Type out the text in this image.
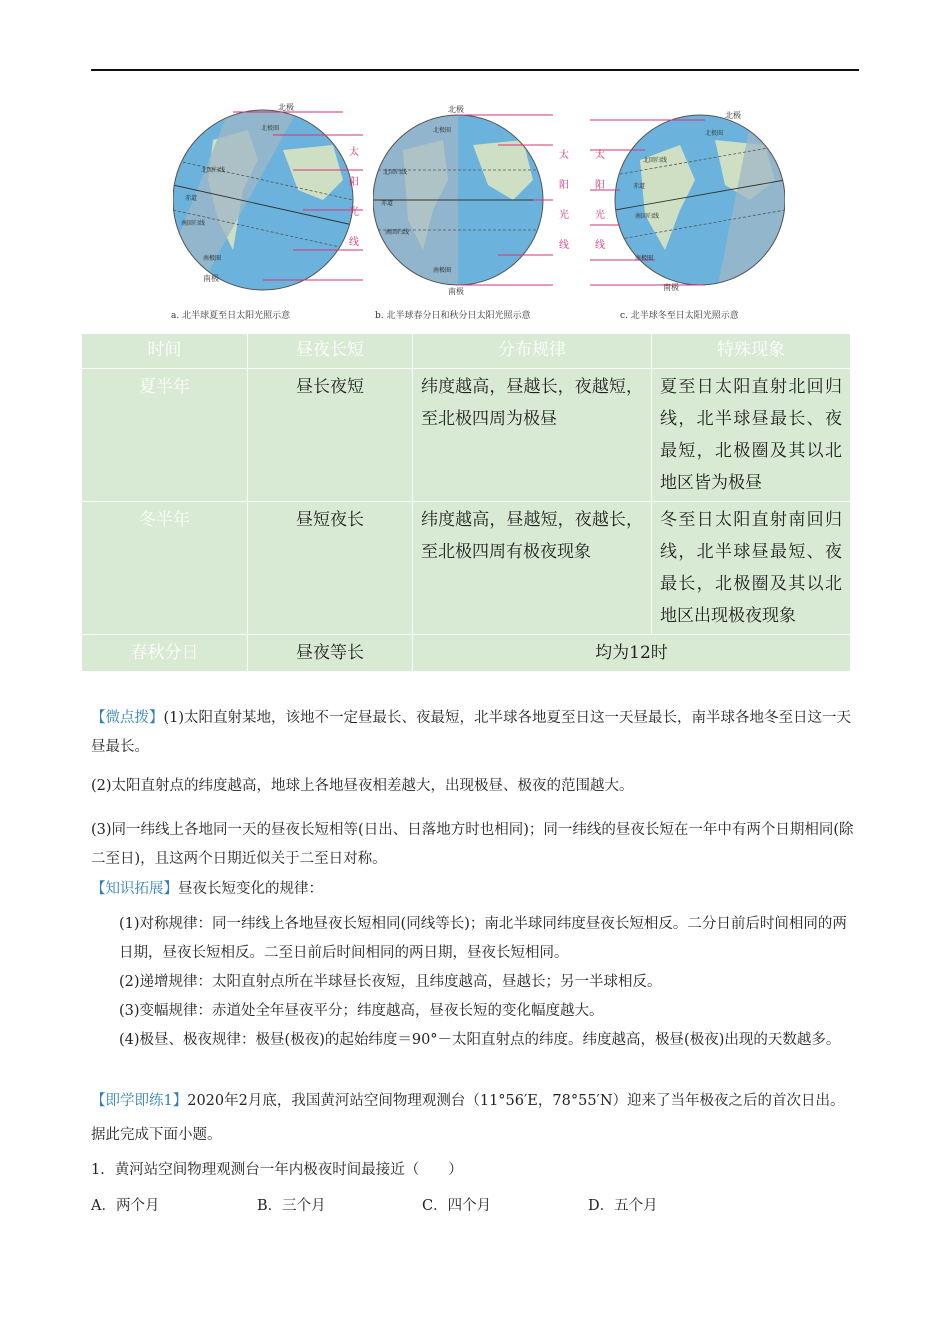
北极
北极圈
北回归线
赤道
南回归线
南极圈
南极
太
阳
光
线
a. 北半球夏至日太阳光照示意
北极
北极圈
北回归线
赤道
南回归线
南极圈
南极
太
阳
光
线
b. 北半球春分日和秋分日太阳光照示意
北极
北极圈
北回归线
赤道
南回归线
南极圈
南极
太
阳
光
线
c. 北半球冬至日太阳光照示意
时间	昼夜长短	分布规律	特殊现象
夏半年	昼长夜短	纬度越高，昼越长，夜越短，至北极四周为极昼	夏至日太阳直射北回归线，北半球昼最长、夜最短，北极圈及其以北地区皆为极昼
冬半年	昼短夜长	纬度越高，昼越短，夜越长，至北极四周有极夜现象	冬至日太阳直射南回归线，北半球昼最短、夜最长，北极圈及其以北地区出现极夜现象
春秋分日	昼夜等长	均为12时	
【微点拨】(1)太阳直射某地，该地不一定昼最长、夜最短，北半球各地夏至日这一天昼最长，南半球各地冬至日这一天昼最长。
(2)太阳直射点的纬度越高，地球上各地昼夜相差越大，出现极昼、极夜的范围越大。
(3)同一纬线上各地同一天的昼夜长短相等(日出、日落地方时也相同)；同一纬线的昼夜长短在一年中有两个日期相同(除二至日)，且这两个日期近似关于二至日对称。
【知识拓展】昼夜长短变化的规律：
(1)对称规律：同一纬线上各地昼夜长短相同(同线等长)；南北半球同纬度昼夜长短相反。二分日前后时间相同的两日期，昼夜长短相反。二至日前后时间相同的两日期，昼夜长短相同。
(2)递增规律：太阳直射点所在半球昼长夜短，且纬度越高，昼越长；另一半球相反。
(3)变幅规律：赤道处全年昼夜平分；纬度越高，昼夜长短的变化幅度越大。
(4)极昼、极夜规律：极昼(极夜)的起始纬度＝90°－太阳直射点的纬度。纬度越高，极昼(极夜)出现的天数越多。
【即学即练1】2020年2月底，我国黄河站空间物理观测台（11°56′E，78°55′N）迎来了当年极夜之后的首次日出。据此完成下面小题。
1．黄河站空间物理观测台一年内极夜时间最接近（　　）
A．两个月	B．三个月	C．四个月	D．五个月
